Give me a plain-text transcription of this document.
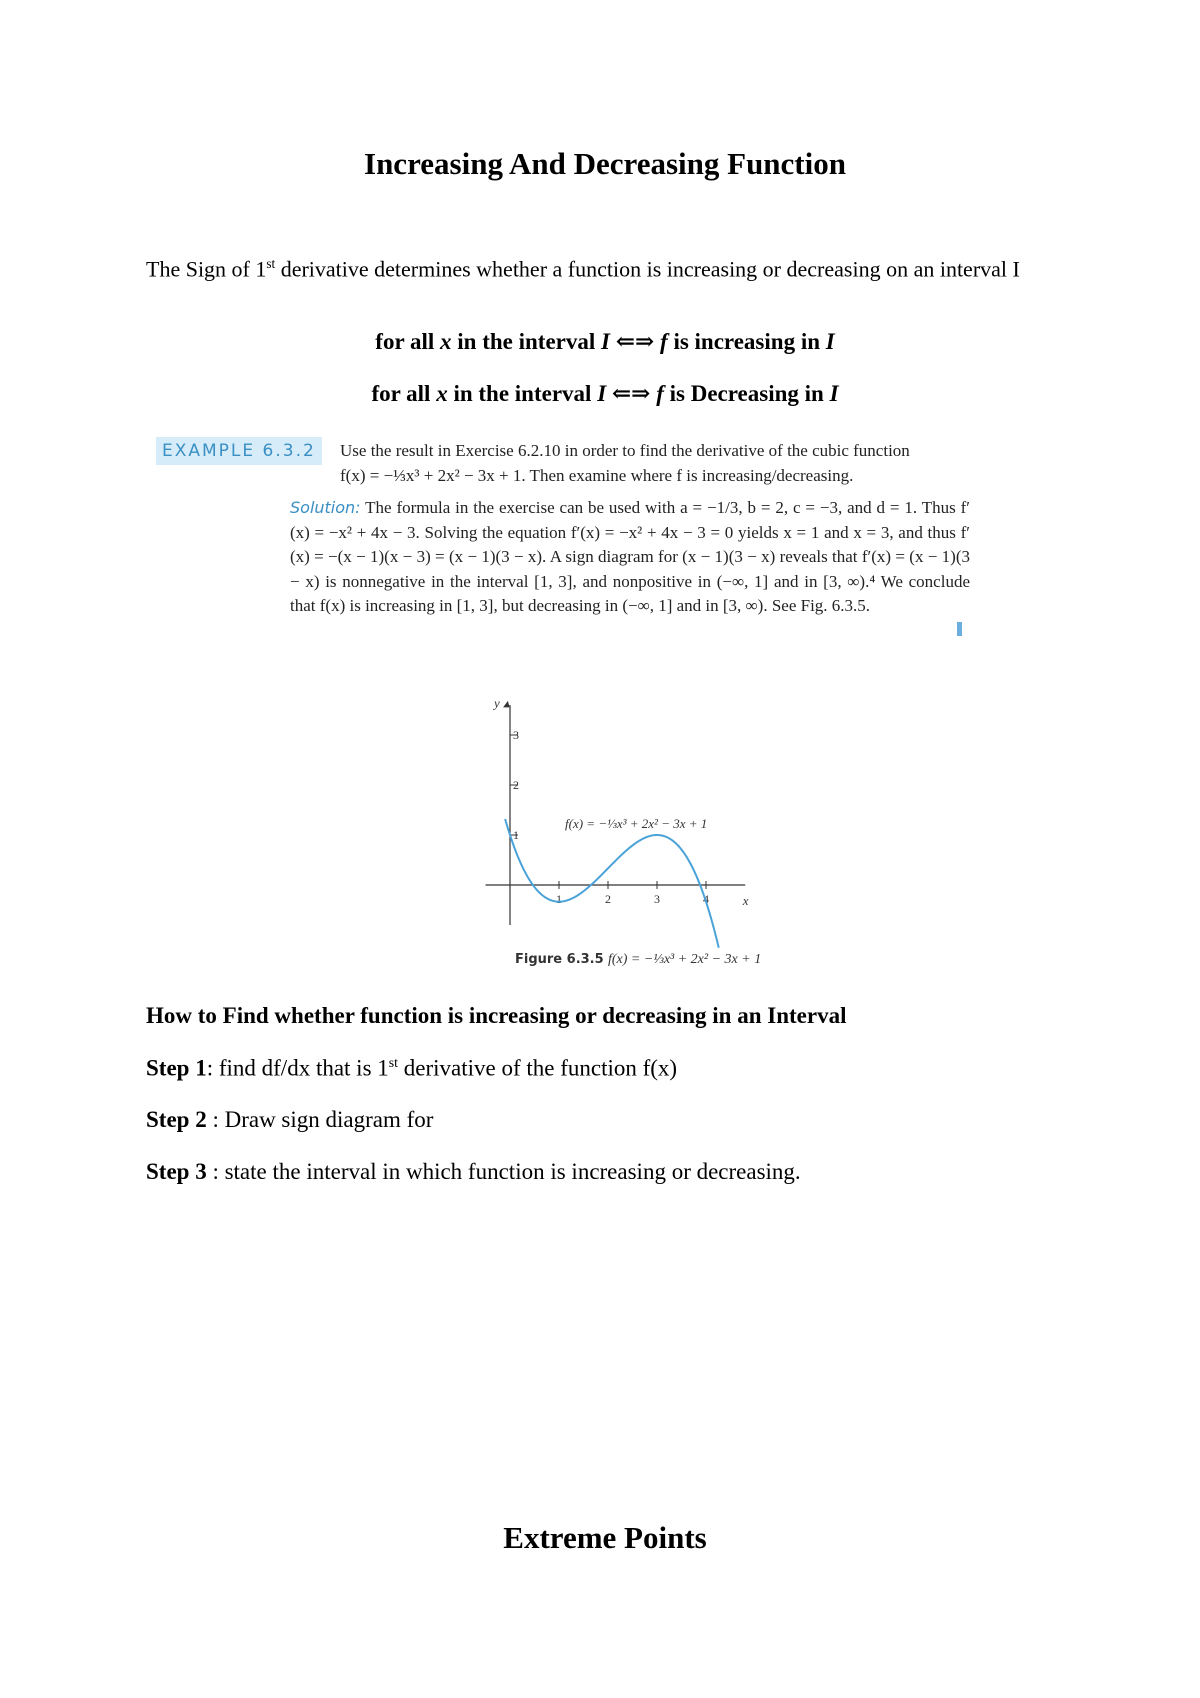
Increasing And Decreasing Function
The Sign of 1st derivative determines whether a function is increasing or decreasing on an interval I
for all x in the interval I ⇐⇒ f is increasing in I
for all x in the interval I ⇐⇒ f is Decreasing in I
EXAMPLE 6.3.2	Use the result in Exercise 6.2.10 in order to find the derivative of the cubic function
f(x) = −⅓x³ + 2x² − 3x + 1. Then examine where f is increasing/decreasing.
Solution: The formula in the exercise can be used with a = −1/3, b = 2, c = −3, and d = 1. Thus f′(x) = −x² + 4x − 3. Solving the equation f′(x) = −x² + 4x − 3 = 0 yields x = 1 and x = 3, and thus f′(x) = −(x − 1)(x − 3) = (x − 1)(3 − x). A sign diagram for (x − 1)(3 − x) reveals that f′(x) = (x − 1)(3 − x) is nonnegative in the interval [1, 3], and nonpositive in (−∞, 1] and in [3, ∞).⁴ We conclude that f(x) is increasing in [1, 3], but decreasing in (−∞, 1] and in [3, ∞). See Fig. 6.3.5.
x
y ▴
1	2	3	4
1
2
3
f(x) = −⅓x³ + 2x² − 3x + 1
Figure 6.3.5 f(x) = −⅓x³ + 2x² − 3x + 1
How to Find whether function is increasing or decreasing in an Interval
Step 1: find df/dx that is 1st derivative of the function f(x)
Step 2 : Draw sign diagram for
Step 3 : state the interval in which function is increasing or decreasing.
Extreme Points
